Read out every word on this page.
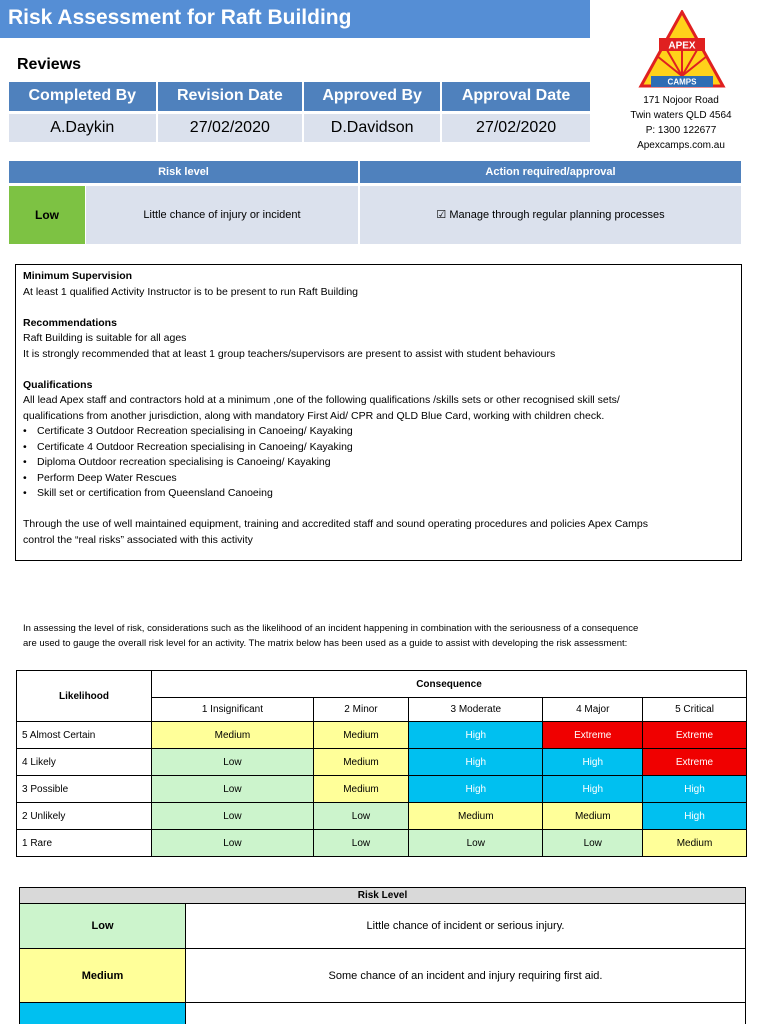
Risk Assessment for Raft Building
Reviews
Completed By	Revision Date	Approved By	Approval Date
A.Daykin	27/02/2020	D.Davidson	27/02/2020
APEX
CAMPS
171 Nojoor Road
Twin waters QLD 4564
P: 1300 122677
Apexcamps.com.au
Risk level	Action required/approval
Low	Little chance of injury or incident	☑ Manage through regular planning processes
Minimum Supervision
At least 1 qualified Activity Instructor is to be present to run Raft Building
Recommendations
Raft Building is suitable for all ages
It is strongly recommended that at least 1 group teachers/supervisors are present to assist with student behaviours
Qualifications
All lead Apex staff and contractors hold at a minimum ,one of the following qualifications /skills sets or other recognised skill sets/
qualifications from another jurisdiction, along with mandatory First Aid/ CPR and QLD Blue Card, working with children check.
• Certificate 3 Outdoor Recreation specialising in Canoeing/ Kayaking
• Certificate 4 Outdoor Recreation specialising in Canoeing/ Kayaking
• Diploma Outdoor recreation specialising is Canoeing/ Kayaking
• Perform Deep Water Rescues
• Skill set or certification from Queensland Canoeing
Through the use of well maintained equipment, training and accredited staff and sound operating procedures and policies Apex Camps
control the “real risks” associated with this activity
In assessing the level of risk, considerations such as the likelihood of an incident happening in combination with the seriousness of a consequence
are used to gauge the overall risk level for an activity. The matrix below has been used as a guide to assist with developing the risk assessment:
Likelihood	Consequence				
	1 Insignificant	2 Minor	3 Moderate	4 Major	5 Critical
5 Almost Certain	Medium	Medium	High	Extreme	Extreme
4 Likely	Low	Medium	High	High	Extreme
3 Possible	Low	Medium	High	High	High
2 Unlikely	Low	Low	Medium	Medium	High
1 Rare	Low	Low	Low	Low	Medium
Risk Level	
Low	Little chance of incident or serious injury.
Medium	Some chance of an incident and injury requiring first aid.
